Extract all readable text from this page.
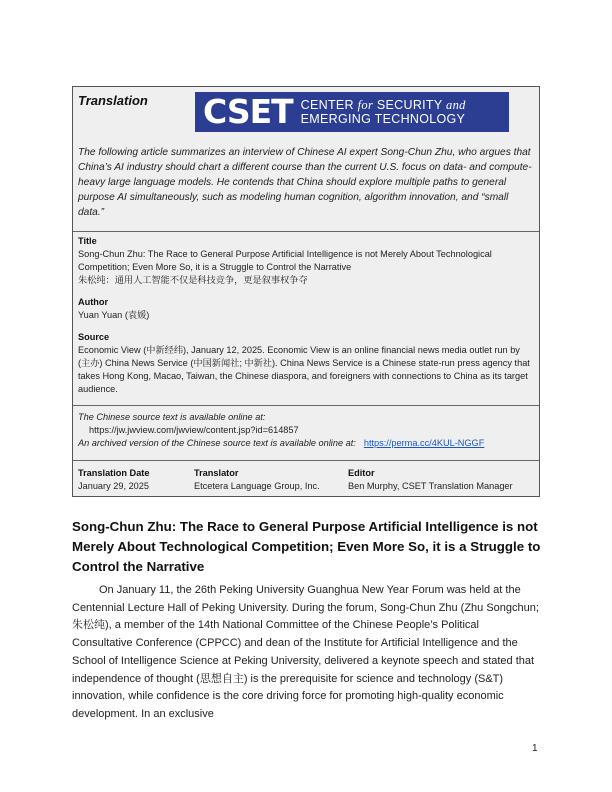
Translation CSET CENTER for SECURITY and
EMERGING TECHNOLOGY
The following article summarizes an interview of Chinese AI expert Song-Chun Zhu, who argues that China’s AI industry should chart a different course than the current U.S. focus on data- and compute-heavy large language models. He contends that China should explore multiple paths to general purpose AI simultaneously, such as modeling human cognition, algorithm innovation, and “small data.”
Title
Song-Chun Zhu: The Race to General Purpose Artificial Intelligence is not Merely About Technological Competition; Even More So, it is a Struggle to Control the Narrative
朱松纯：通用人工智能不仅是科技竞争，更是叙事权争夺
Author
Yuan Yuan (袁媛)
Source
Economic View (中新经纬), January 12, 2025. Economic View is an online financial news media outlet run by (主办) China News Service (中国新闻社; 中新社). China News Service is a Chinese state-run press agency that takes Hong Kong, Macao, Taiwan, the Chinese diaspora, and foreigners with connections to China as its target audience.
The Chinese source text is available online at:
https://jw.jwview.com/jwview/content.jsp?id=614857
An archived version of the Chinese source text is available online at: https://perma.cc/4KUL-NGGF
Translation Date
January 29, 2025
Translator
Etcetera Language Group, Inc.
Editor
Ben Murphy, CSET Translation Manager
Song-Chun Zhu: The Race to General Purpose Artificial Intelligence is not Merely About Technological Competition; Even More So, it is a Struggle to Control the Narrative
On January 11, the 26th Peking University Guanghua New Year Forum was held at the Centennial Lecture Hall of Peking University. During the forum, Song-Chun Zhu (Zhu Songchun; 朱松纯), a member of the 14th National Committee of the Chinese People’s Political Consultative Conference (CPPCC) and dean of the Institute for Artificial Intelligence and the School of Intelligence Science at Peking University, delivered a keynote speech and stated that independence of thought (思想自主) is the prerequisite for science and technology (S&T) innovation, while confidence is the core driving force for promoting high-quality economic development. In an exclusive
1
